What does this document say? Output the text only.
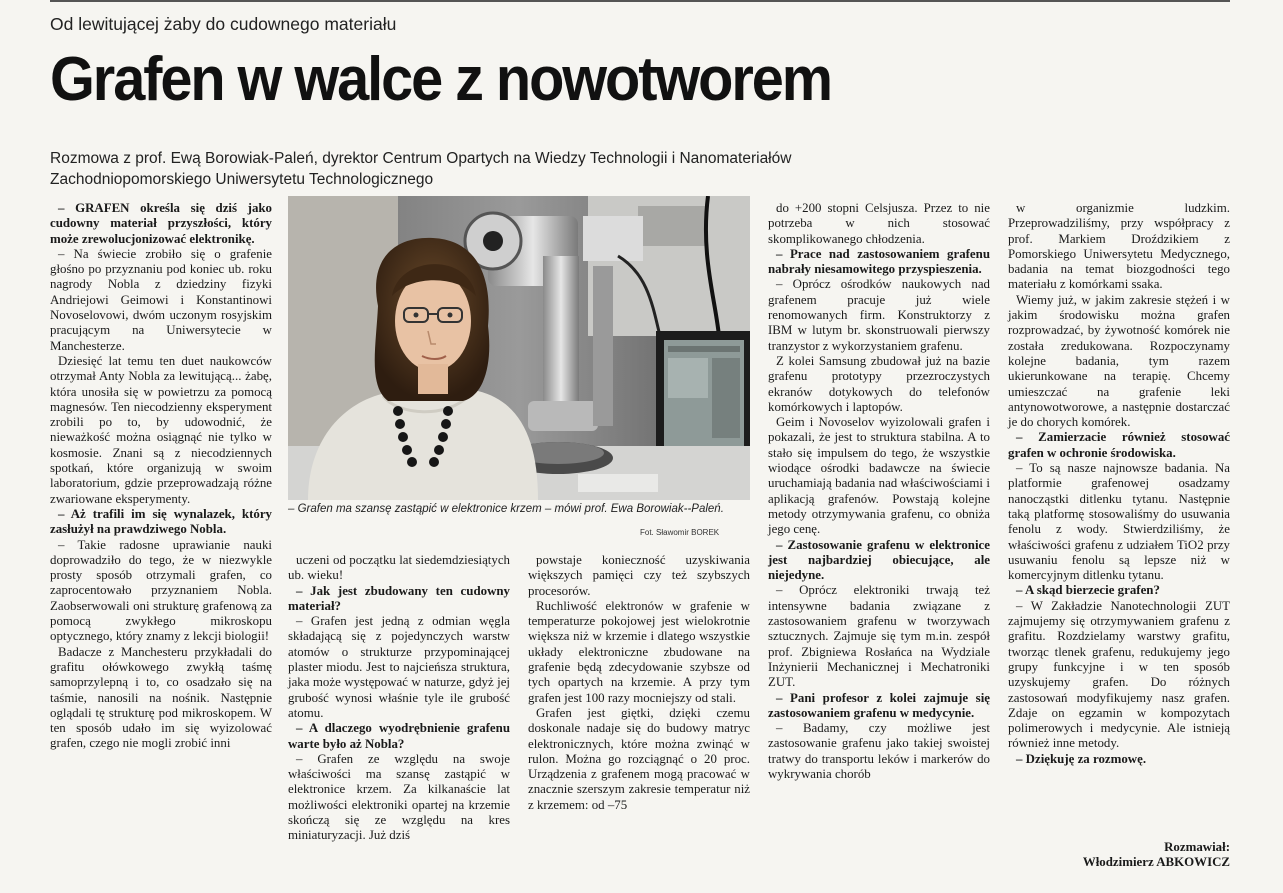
Od lewitującej żaby do cudownego materiału
Grafen w walce z nowotworem
Rozmowa z prof. Ewą Borowiak-Paleń, dyrektor Centrum Opartych na Wiedzy Technologii i Nanomateriałów
Zachodniopomorskiego Uniwersytetu Technologicznego

– GRAFEN określa się dziś jako cudowny materiał przyszłości, który może zrewolucjonizować elektronikę.

– Na świecie zrobiło się o grafenie głośno po przyznaniu pod koniec ub. roku nagrody Nobla z dziedziny fizyki Andriejowi Geimowi i Konstantinowi Novoselovowi, dwóm uczonym rosyjskim pracującym na Uniwersytecie w Manchesterze.

Dziesięć lat temu ten duet naukowców otrzymał Anty Nobla za lewitującą... żabę, która unosiła się w powietrzu za pomocą magnesów. Ten niecodzienny eksperyment zrobili po to, by udowodnić, że nieważkość można osiągnąć nie tylko w kosmosie. Znani są z niecodziennych spotkań, które organizują w swoim laboratorium, gdzie przeprowadzają różne zwariowane eksperymenty.

– Aż trafili im się wynalazek, który zasłużył na prawdziwego Nobla.

– Takie radosne uprawianie nauki doprowadziło do tego, że w niezwykle prosty sposób otrzymali grafen, co zaprocentowało przyznaniem Nobla. Zaobserwowali oni strukturę grafenową za pomocą zwykłego mikroskopu optycznego, który znamy z lekcji biologii!

Badacze z Manchesteru przykładali do grafitu ołówkowego zwykłą taśmę samoprzylepną i to, co osadzało się na taśmie, nanosili na nośnik. Następnie oglądali tę strukturę pod mikroskopem. W ten sposób udało im się wyizolować grafen, czego nie mogli zrobić inni

uczeni od początku lat siedemdziesiątych ub. wieku!

– Jak jest zbudowany ten cudowny materiał?

– Grafen jest jedną z odmian węgla składającą się z pojedynczych warstw atomów o strukturze przypominającej plaster miodu. Jest to najcieńsza struktura, jaka może występować w naturze, gdyż jej grubość wynosi właśnie tyle ile grubość atomu.

– A dlaczego wyodrębnienie grafenu warte było aż Nobla?

– Grafen ze względu na swoje właściwości ma szansę zastąpić w elektronice krzem. Za kilkanaście lat możliwości elektroniki opartej na krzemie skończą się ze względu na kres miniaturyzacji. Już dziś

powstaje konieczność uzyskiwania większych pamięci czy też szybszych procesorów.

Ruchliwość elektronów w grafenie w temperaturze pokojowej jest wielokrotnie większa niż w krzemie i dlatego wszystkie układy elektroniczne zbudowane na grafenie będą zdecydowanie szybsze od tych opartych na krzemie. A przy tym grafen jest 100 razy mocniejszy od stali.

Grafen jest giętki, dzięki czemu doskonale nadaje się do budowy matryc elektronicznych, które można zwinąć w rulon. Można go rozciągnąć o 20 proc. Urządzenia z grafenem mogą pracować w znacznie szerszym zakresie temperatur niż z krzemem: od –75

do +200 stopni Celsjusza. Przez to nie potrzeba w nich stosować skomplikowanego chłodzenia.

– Prace nad zastosowaniem grafenu nabrały niesamowitego przyspieszenia.

– Oprócz ośrodków naukowych nad grafenem pracuje już wiele renomowanych firm. Konstruktorzy z IBM w lutym br. skonstruowali pierwszy tranzystor z wykorzystaniem grafenu.

Z kolei Samsung zbudował już na bazie grafenu prototypy przezroczystych ekranów dotykowych do telefonów komórkowych i laptopów.

Geim i Novoselov wyizolowali grafen i pokazali, że jest to struktura stabilna. A to stało się impulsem do tego, że wszystkie wiodące ośrodki badawcze na świecie uruchamiają badania nad właściwościami i aplikacją grafenów. Powstają kolejne metody otrzymywania grafenu, co obniża jego cenę.

– Zastosowanie grafenu w elektronice jest najbardziej obiecujące, ale niejedyne.

– Oprócz elektroniki trwają też intensywne badania związane z zastosowaniem grafenu w tworzywach sztucznych. Zajmuje się tym m.in. zespół prof. Zbigniewa Rosłańca na Wydziale Inżynierii Mechanicznej i Mechatroniki ZUT.

– Pani profesor z kolei zajmuje się zastosowaniem grafenu w medycynie.

– Badamy, czy możliwe jest zastosowanie grafenu jako takiej swoistej tratwy do transportu leków i markerów do wykrywania chorób

w organizmie ludzkim. Przeprowadziliśmy, przy współpracy z prof. Markiem Droździkiem z Pomorskiego Uniwersytetu Medycznego, badania na temat biozgodności tego materiału z komórkami ssaka.

Wiemy już, w jakim zakresie stężeń i w jakim środowisku można grafen rozprowadzać, by żywotność komórek nie została zredukowana. Rozpoczynamy kolejne badania, tym razem ukierunkowane na terapię. Chcemy umieszczać na grafenie leki antynowotworowe, a następnie dostarczać je do chorych komórek.

– Zamierzacie również stosować grafen w ochronie środowiska.

– To są nasze najnowsze badania. Na platformie grafenowej osadzamy nanocząstki ditlenku tytanu. Następnie taką platformę stosowaliśmy do usuwania fenolu z wody. Stwierdziliśmy, że właściwości grafenu z udziałem TiO2 przy usuwaniu fenolu są lepsze niż w komercyjnym ditlenku tytanu.

– A skąd bierzecie grafen?

– W Zakładzie Nanotechnologii ZUT zajmujemy się otrzymywaniem grafenu z grafitu. Rozdzielamy warstwy grafitu, tworząc tlenek grafenu, redukujemy jego grupy funkcyjne i w ten sposób uzyskujemy grafen. Do różnych zastosowań modyfikujemy nasz grafen. Zdaje on egzamin w kompozytach polimerowych i medycynie. Ale istnieją również inne metody.

– Dziękuję za rozmowę.

– Grafen ma szansę zastąpić w elektronice krzem – mówi prof. Ewa Borowiak--Paleń.
Fot. Sławomir BOREK
Rozmawiał:
Włodzimierz ABKOWICZ
